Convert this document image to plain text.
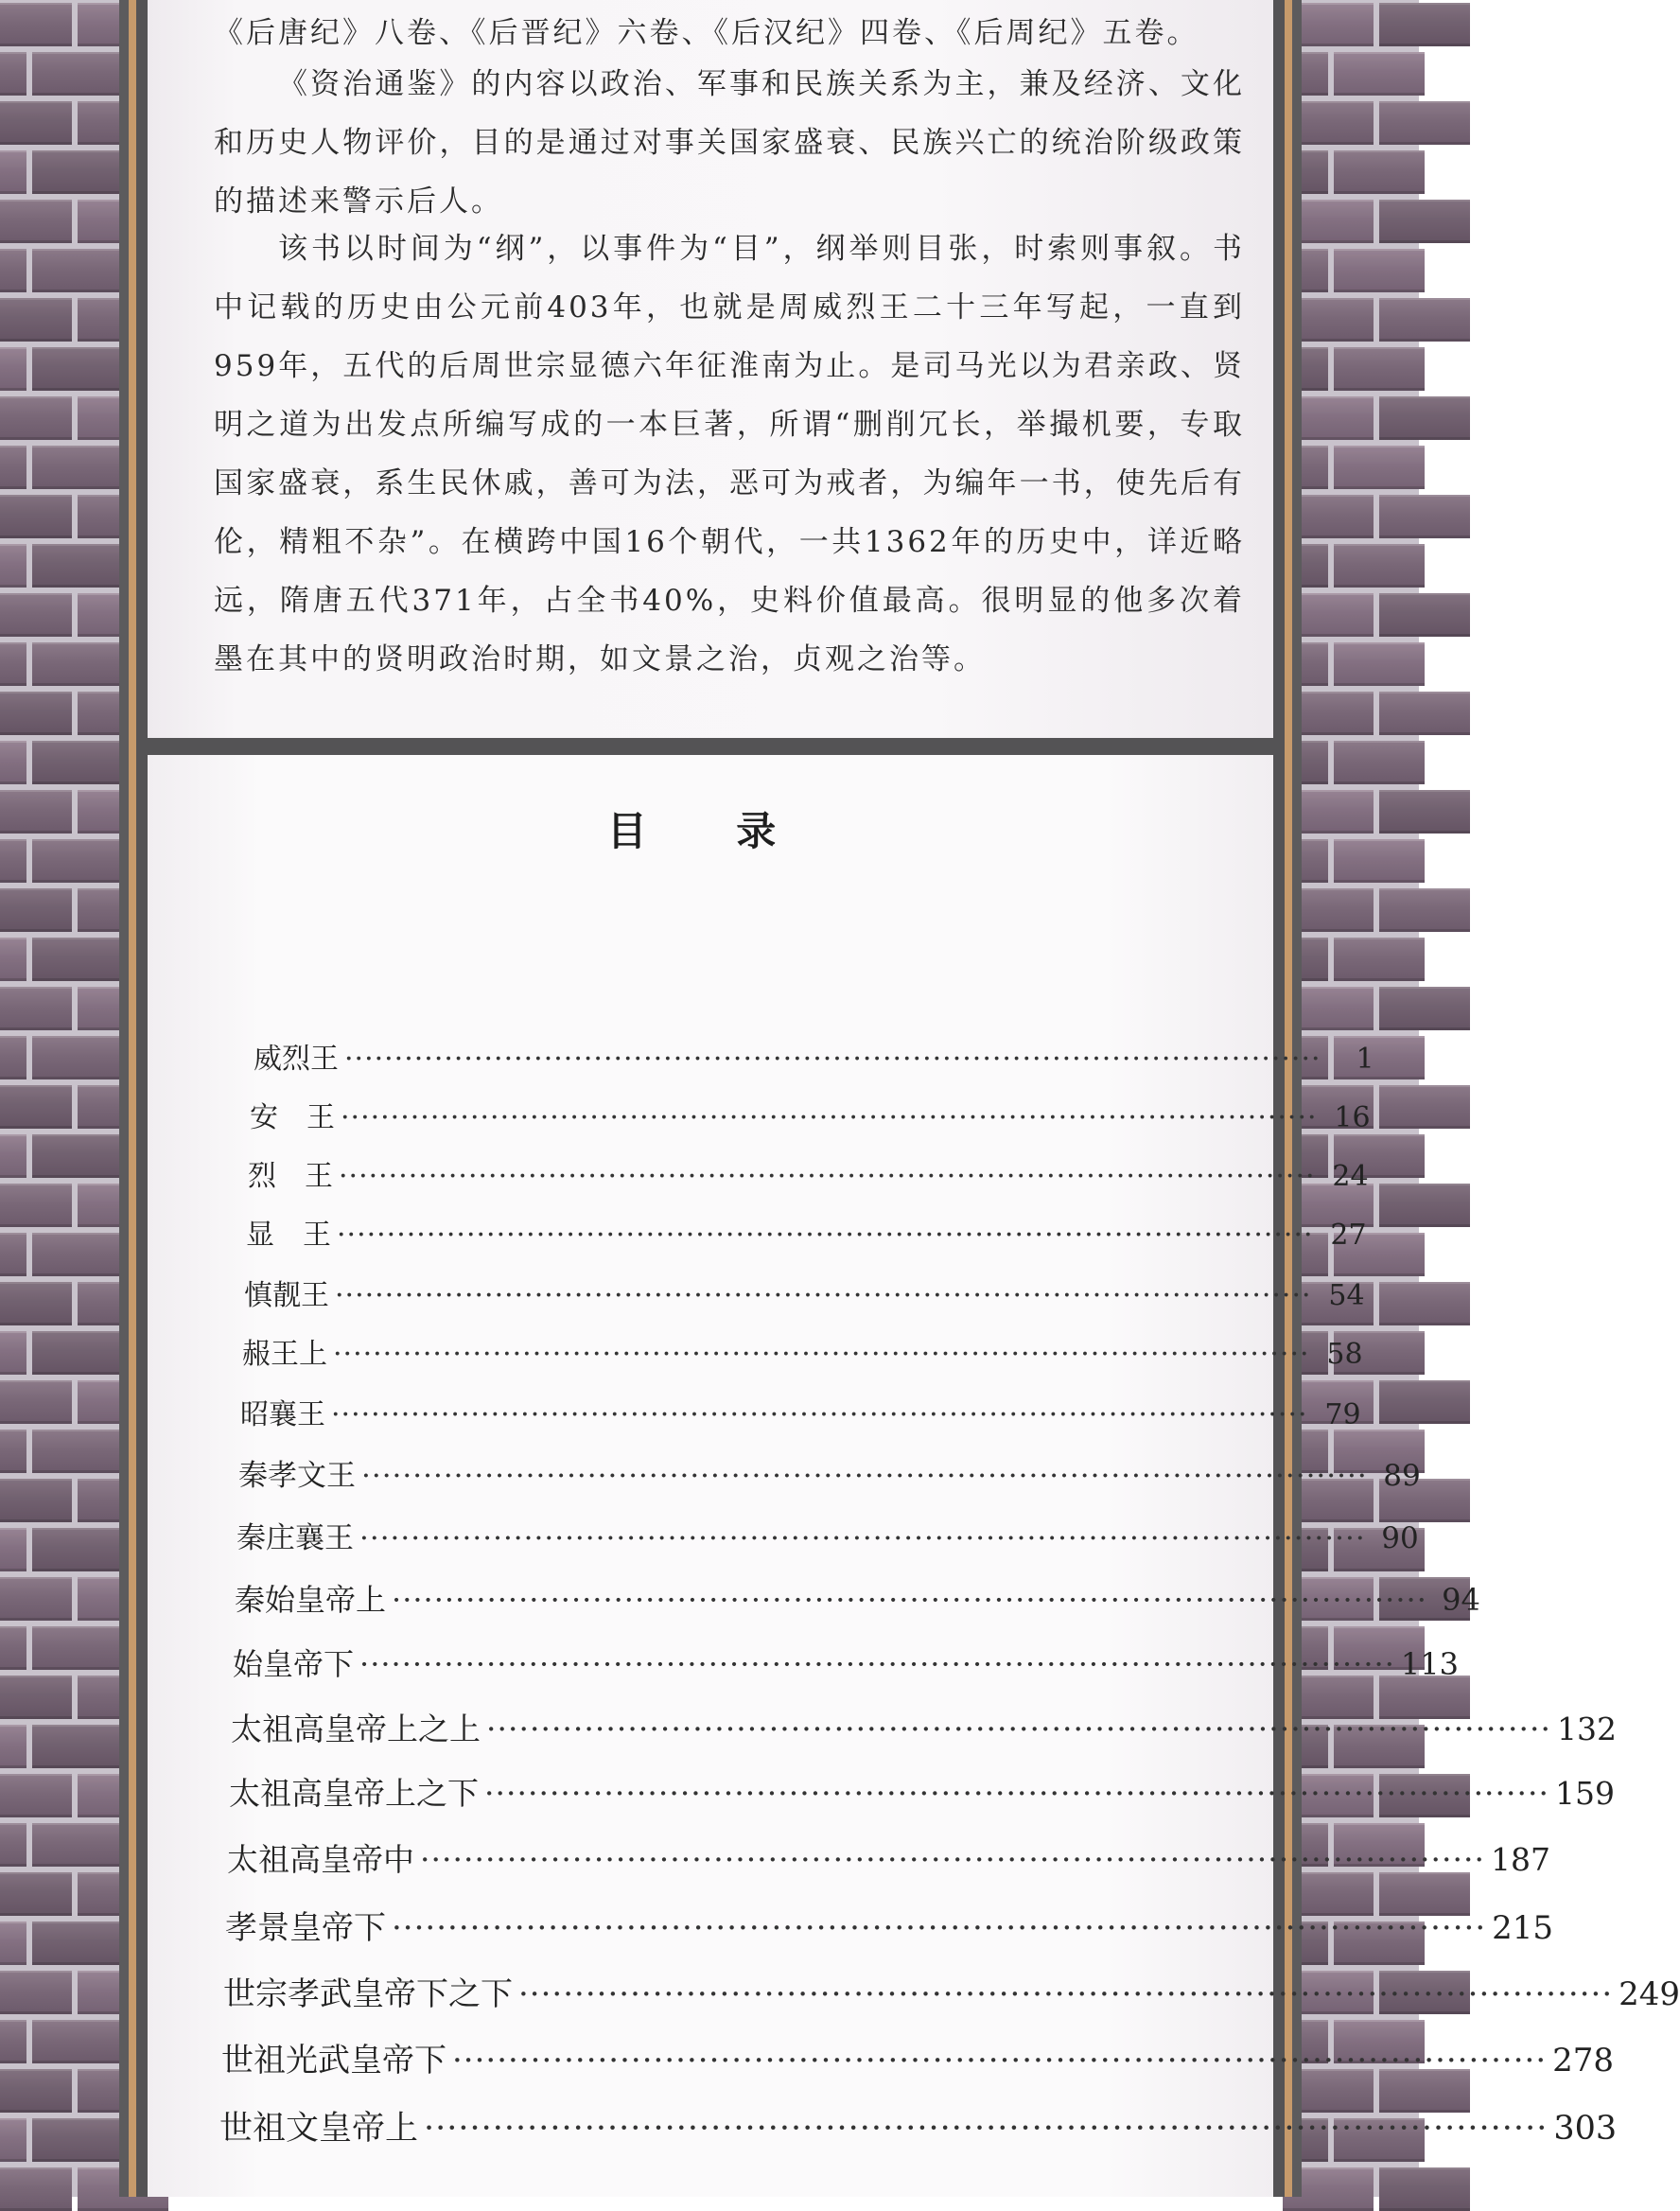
《后唐纪》八卷、《后晋纪》六卷、《后汉纪》四卷、《后周纪》五卷。

《资治通鉴》的内容以政治、军事和民族关系为主，兼及经济、文化和历史人物评价，目的是通过对事关国家盛衰、民族兴亡的统治阶级政策的描述来警示后人。

该书以时间为“纲”，以事件为“目”，纲举则目张，时索则事叙。书中记载的历史由公元前403年，也就是周威烈王二十三年写起，一直到959年，五代的后周世宗显德六年征淮南为止。是司马光以为君亲政、贤明之道为出发点所编写成的一本巨著，所谓“删削冗长，举撮机要，专取国家盛衰，系生民休戚，善可为法，恶可为戒者，为编年一书，使先后有伦，精粗不杂”。在横跨中国16个朝代，一共1362年的历史中，详近略远，隋唐五代371年，占全书40%，史料价值最高。很明显的他多次着墨在其中的贤明政治时期，如文景之治，贞观之治等。

目 录
威烈王 ··································································································	1
安　王 ·································································································· 16
烈　王 ·································································································· 24
显　王 ·································································································· 27
慎靓王 ·································································································· 54
赧王上 ·································································································· 58
昭襄王 ·································································································· 79
秦孝文王 ·································································································· 89
秦庄襄王 ·································································································· 90
秦始皇帝上 ·································································································· 94
始皇帝下 ·································································································· 113
太祖高皇帝上之上 ·································································································· 132
太祖高皇帝上之下 ·································································································· 159
太祖高皇帝中 ·································································································· 187
孝景皇帝下 ·································································································· 215
世宗孝武皇帝下之下 ·································································································· 249
世祖光武皇帝下 ·································································································· 278
世祖文皇帝上 ·································································································· 303
